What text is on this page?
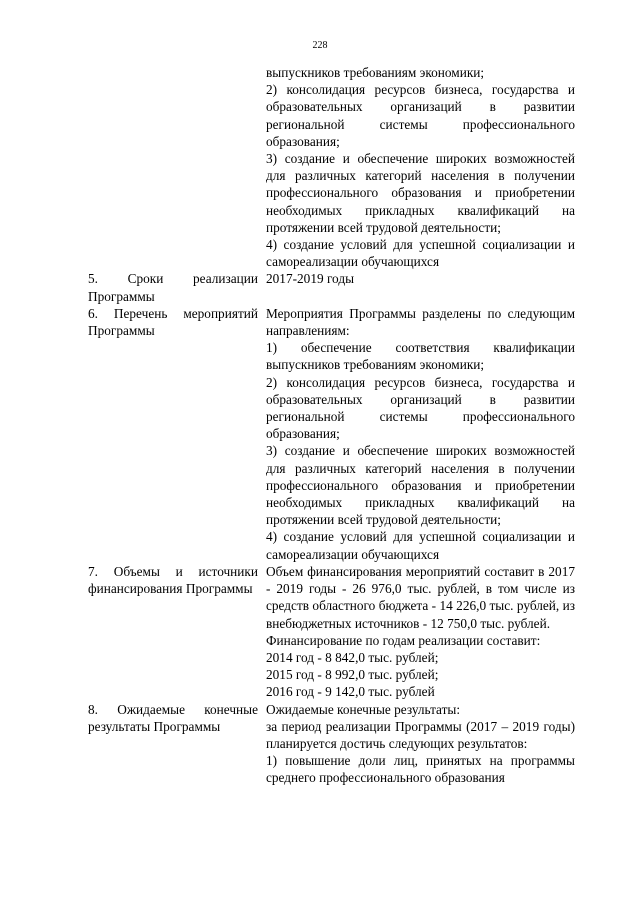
228
выпускников требованиям экономики;
2) консолидация ресурсов бизнеса, государства и образовательных организаций в развитии региональной системы профессионального образования;
3) создание и обеспечение широких возможностей для различных категорий населения в получении профессионального образования и приобретении необходимых прикладных квалификаций на протяжении всей трудовой деятельности;
4) создание условий для успешной социализации и самореализации обучающихся
5. Сроки реализации Программы
2017-2019 годы
6. Перечень мероприятий Программы
Мероприятия Программы разделены по следующим направлениям:
1) обеспечение соответствия квалификации выпускников требованиям экономики;
2) консолидация ресурсов бизнеса, государства и образовательных организаций в развитии региональной системы профессионального образования;
3) создание и обеспечение широких возможностей для различных категорий населения в получении профессионального образования и приобретении необходимых прикладных квалификаций на протяжении всей трудовой деятельности;
4) создание условий для успешной социализации и самореализации обучающихся
7. Объемы и источники финансирования Программы
Объем финансирования мероприятий составит в 2017 - 2019 годы - 26 976,0 тыс. рублей, в том числе из средств областного бюджета - 14 226,0 тыс. рублей, из внебюджетных источников - 12 750,0 тыс. рублей.
Финансирование по годам реализации составит:
2014 год - 8 842,0 тыс. рублей;
2015 год - 8 992,0 тыс. рублей;
2016 год - 9 142,0 тыс. рублей
8. Ожидаемые конечные результаты Программы
Ожидаемые конечные результаты:
за период реализации Программы (2017 – 2019 годы) планируется достичь следующих результатов:
1) повышение доли лиц, принятых на программы среднего профессионального образования
